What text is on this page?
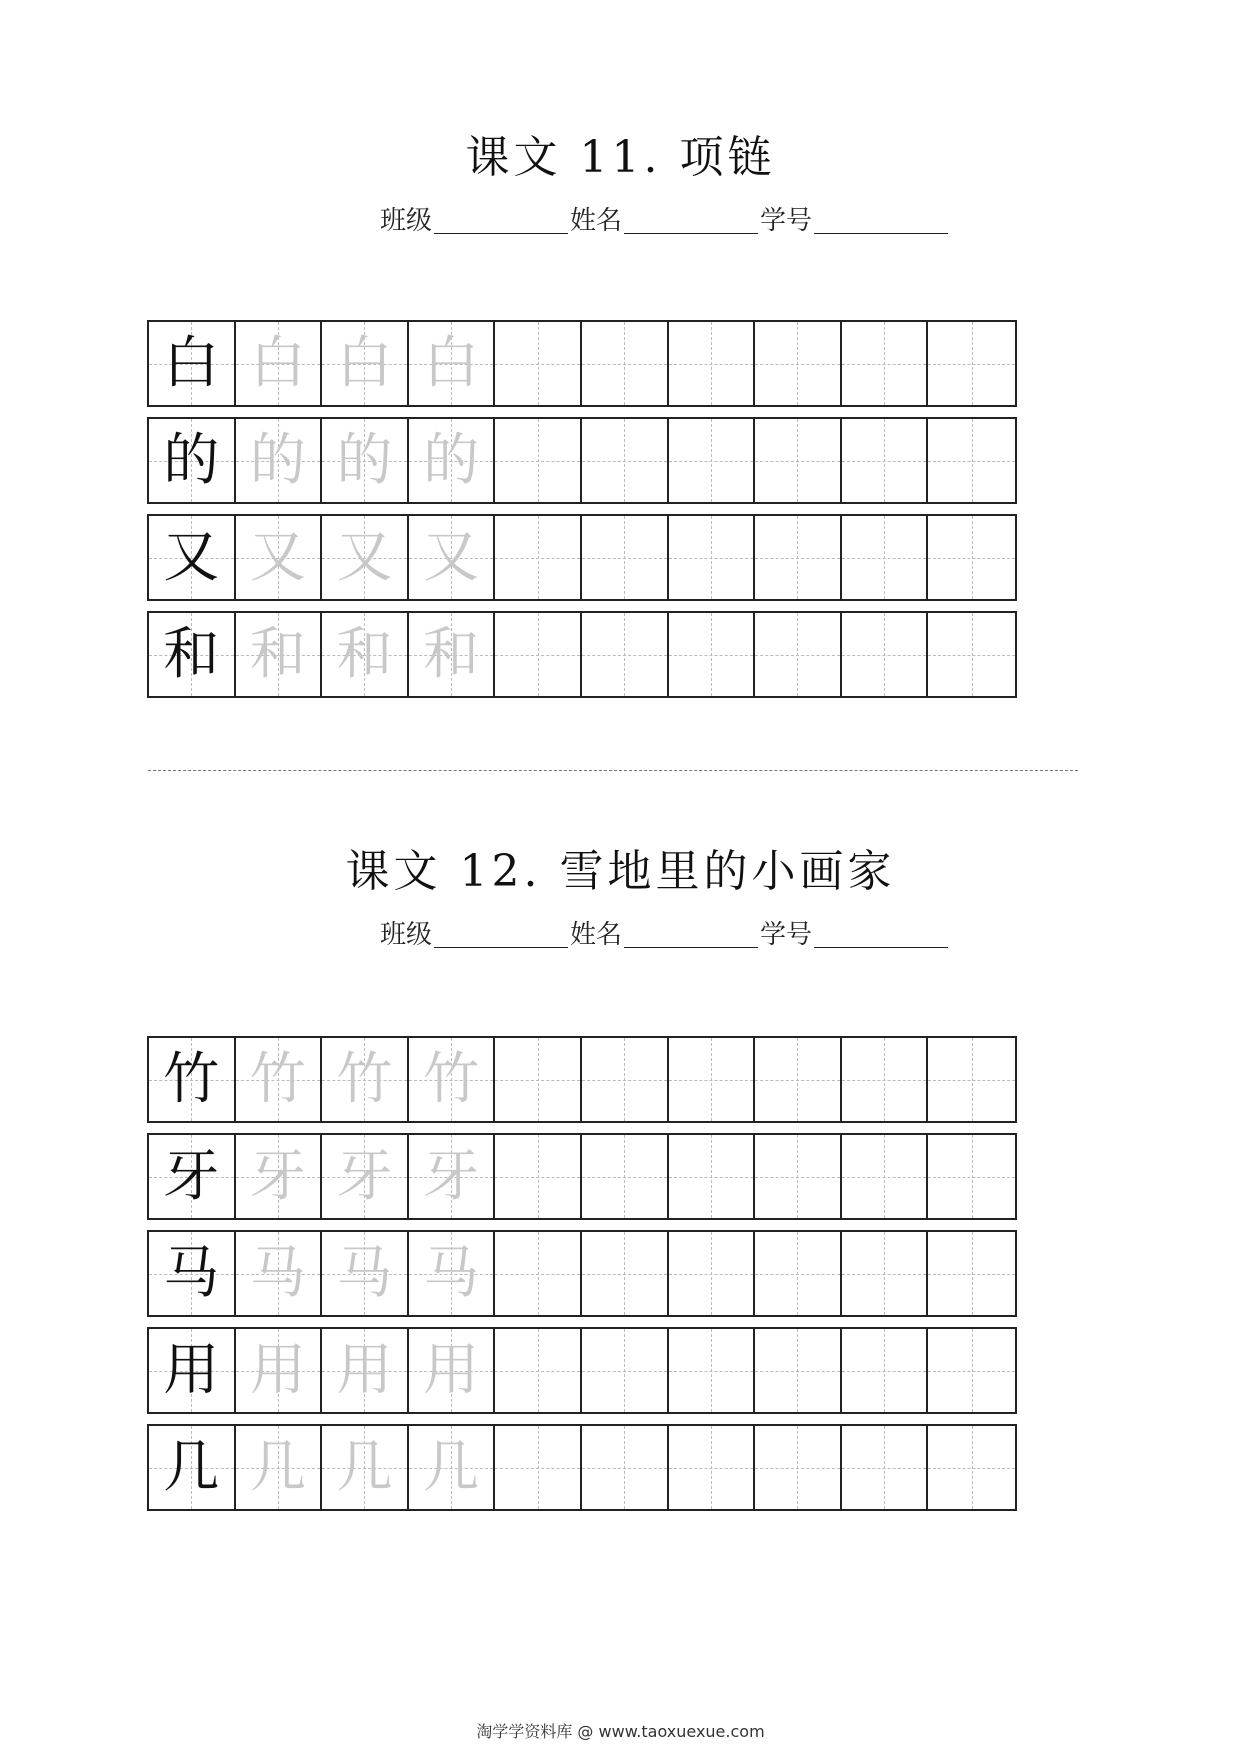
课文 11. 项链
班级	姓名	学号
白 白 白 白
的 的 的 的
又 又 又 又
和 和 和 和
课文 12. 雪地里的小画家
班级	姓名	学号
竹 竹 竹 竹
牙 牙 牙 牙
马 马 马 马
用 用 用 用
几 几 几 几
淘学学资料库 @ www.taoxuexue.com
